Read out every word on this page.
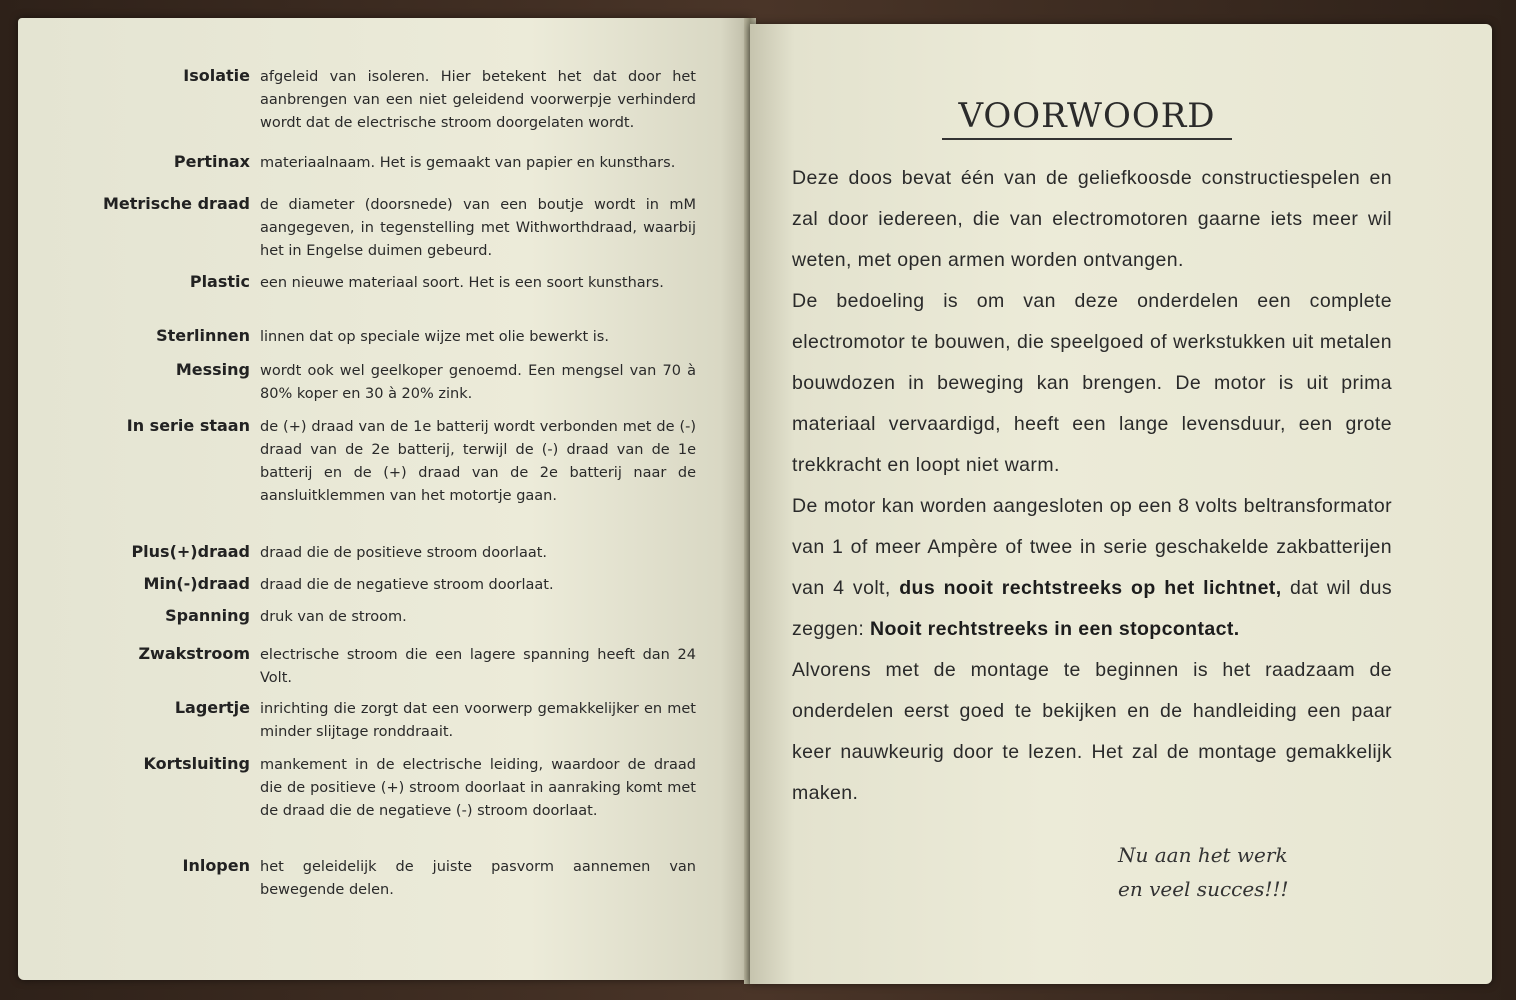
Isolatie afgeleid van isoleren. Hier betekent het dat door het aanbrengen van een niet geleidend voorwerpje verhinderd wordt dat de electrische stroom doorgelaten wordt.
Pertinax materiaalnaam. Het is gemaakt van papier en kunsthars.
Metrische draad de diameter (doorsnede) van een boutje wordt in mM aangegeven, in tegenstelling met Withworthdraad, waarbij het in Engelse duimen gebeurd.
Plastic een nieuwe materiaal soort. Het is een soort kunsthars.
Sterlinnen linnen dat op speciale wijze met olie bewerkt is.
Messing wordt ook wel geelkoper genoemd. Een mengsel van 70 à 80% koper en 30 à 20% zink.
In serie staan de (+) draad van de 1e batterij wordt verbonden met de (-) draad van de 2e batterij, terwijl de (-) draad van de 1e batterij en de (+) draad van de 2e batterij naar de aansluitklemmen van het motortje gaan.
Plus(+)draad draad die de positieve stroom doorlaat.
Min(-)draad draad die de negatieve stroom doorlaat.
Spanning druk van de stroom.
Zwakstroom electrische stroom die een lagere spanning heeft dan 24 Volt.
Lagertje inrichting die zorgt dat een voorwerp gemakkelijker en met minder slijtage ronddraait.
Kortsluiting mankement in de electrische leiding, waardoor de draad die de positieve (+) stroom doorlaat in aanraking komt met de draad die de negatieve (-) stroom doorlaat.
Inlopen het geleidelijk de juiste pasvorm aannemen van bewegende delen.
VOORWOORD

Deze doos bevat één van de geliefkoosde constructiespelen en zal door iedereen, die van electromotoren gaarne iets meer wil weten, met open armen worden ontvangen.

De bedoeling is om van deze onderdelen een complete electromotor te bouwen, die speelgoed of werkstukken uit metalen bouwdozen in beweging kan brengen. De motor is uit prima materiaal vervaardigd, heeft een lange levensduur, een grote trekkracht en loopt niet warm.

De motor kan worden aangesloten op een 8 volts beltransformator van 1 of meer Ampère of twee in serie geschakelde zakbatterijen van 4 volt, dus nooit rechtstreeks op het lichtnet, dat wil dus zeggen: Nooit rechtstreeks in een stopcontact.

Alvorens met de montage te beginnen is het raadzaam de onderdelen eerst goed te bekijken en de handleiding een paar keer nauwkeurig door te lezen. Het zal de montage gemakkelijk maken.

Nu aan het werk
en veel succes!!!
